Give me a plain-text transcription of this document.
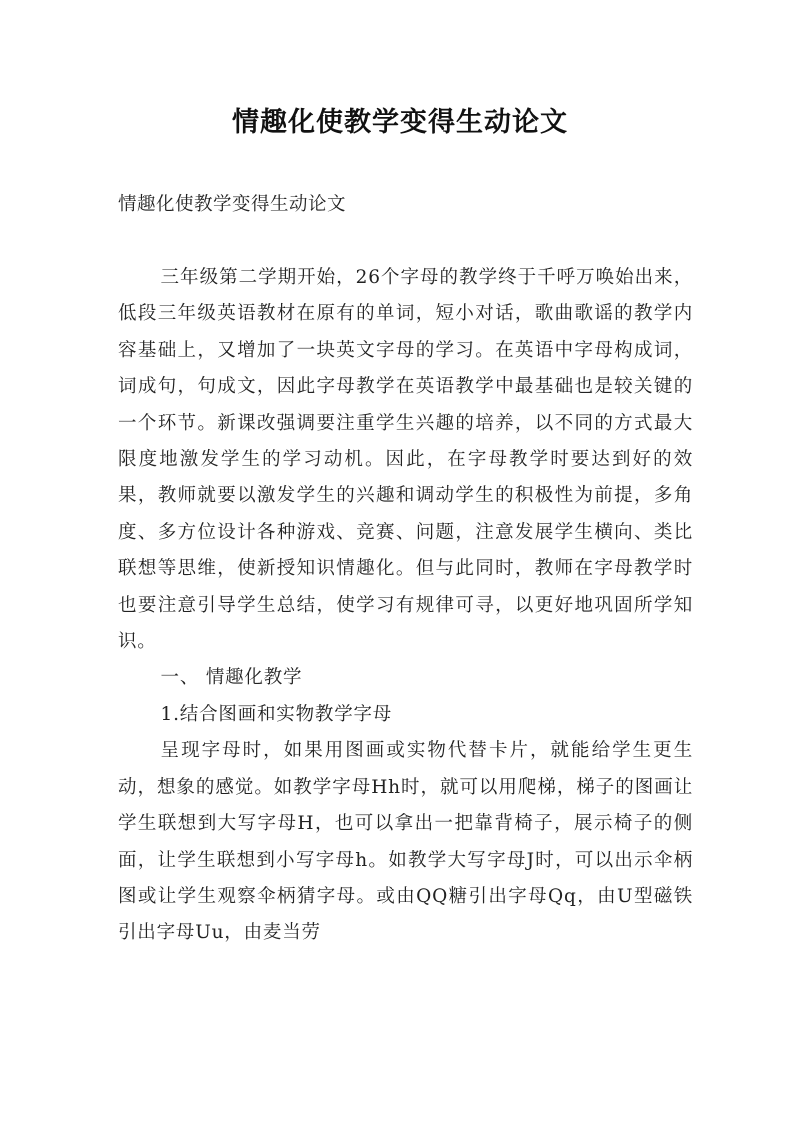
情趣化使教学变得生动论文

情趣化使教学变得生动论文

三年级第二学期开始，26个字母的教学终于千呼万唤始出来，低段三年级英语教材在原有的单词，短小对话，歌曲歌谣的教学内容基础上，又增加了一块英文字母的学习。在英语中字母构成词，词成句，句成文，因此字母教学在英语教学中最基础也是较关键的一个环节。新课改强调要注重学生兴趣的培养，以不同的方式最大限度地激发学生的学习动机。因此，在字母教学时要达到好的效果，教师就要以激发学生的兴趣和调动学生的积极性为前提，多角度、多方位设计各种游戏、竞赛、问题，注意发展学生横向、类比联想等思维，使新授知识情趣化。但与此同时，教师在字母教学时也要注意引导学生总结，使学习有规律可寻，以更好地巩固所学知识。

一、 情趣化教学

1.结合图画和实物教学字母

呈现字母时，如果用图画或实物代替卡片，就能给学生更生动，想象的感觉。如教学字母Hh时，就可以用爬梯，梯子的图画让学生联想到大写字母H，也可以拿出一把靠背椅子，展示椅子的侧面，让学生联想到小写字母h。如教学大写字母J时，可以出示伞柄图或让学生观察伞柄猜字母。或由QQ糖引出字母Qq，由U型磁铁引出字母Uu，由麦当劳
